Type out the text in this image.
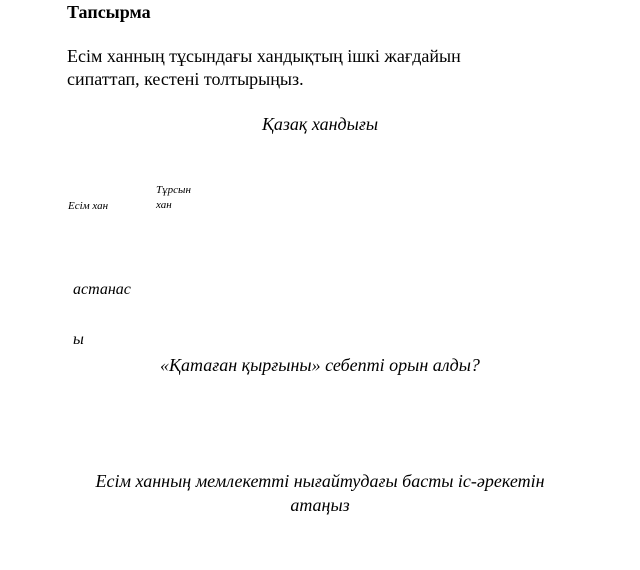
Тапсырма
Есім ханның тұсындағы хандықтың ішкі жағдайын
сипаттап, кестені толтырыңыз.
Қазақ хандығы
Есім хан
Тұрсын
хан
астанас
ы
«Қатаған қырғыны» себепті орын алды?
Есім ханның мемлекетті нығайтудағы басты іс-әрекетін
атаңыз
